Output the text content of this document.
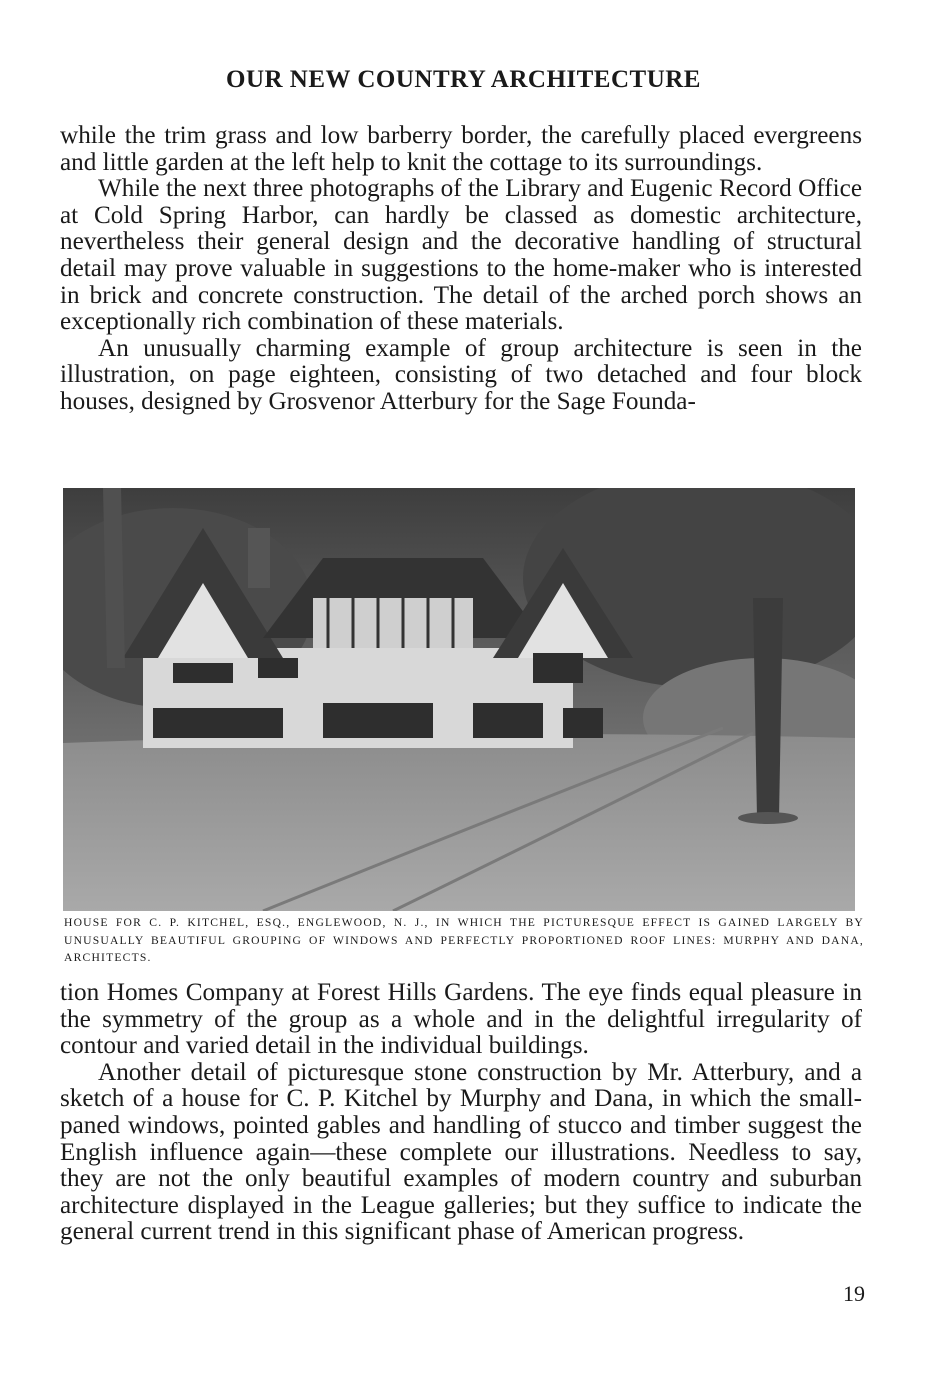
OUR NEW COUNTRY ARCHITECTURE

while the trim grass and low barberry border, the carefully placed evergreens and little garden at the left help to knit the cottage to its surroundings.

While the next three photographs of the Library and Eugenic Record Office at Cold Spring Harbor, can hardly be classed as domestic architecture, nevertheless their general design and the decorative handling of structural detail may prove valuable in suggestions to the home-maker who is interested in brick and concrete construction. The detail of the arched porch shows an exceptionally rich combination of these materials.

An unusually charming example of group architecture is seen in the illustration, on page eighteen, consisting of two detached and four block houses, designed by Grosvenor Atterbury for the Sage Founda-

HOUSE FOR C. P. KITCHEL, ESQ., ENGLEWOOD, N. J., IN WHICH THE PICTURESQUE EFFECT IS GAINED LARGELY BY UNUSUALLY BEAUTIFUL GROUPING OF WINDOWS AND PERFECTLY PROPORTIONED ROOF LINES: MURPHY AND DANA, ARCHITECTS.

tion Homes Company at Forest Hills Gardens. The eye finds equal pleasure in the symmetry of the group as a whole and in the delightful irregularity of contour and varied detail in the individual buildings.

Another detail of picturesque stone construction by Mr. Atterbury, and a sketch of a house for C. P. Kitchel by Murphy and Dana, in which the small-paned windows, pointed gables and handling of stucco and timber suggest the English influence again—these complete our illustrations. Needless to say, they are not the only beautiful examples of modern country and suburban architecture displayed in the League galleries; but they suffice to indicate the general current trend in this significant phase of American progress.

19
